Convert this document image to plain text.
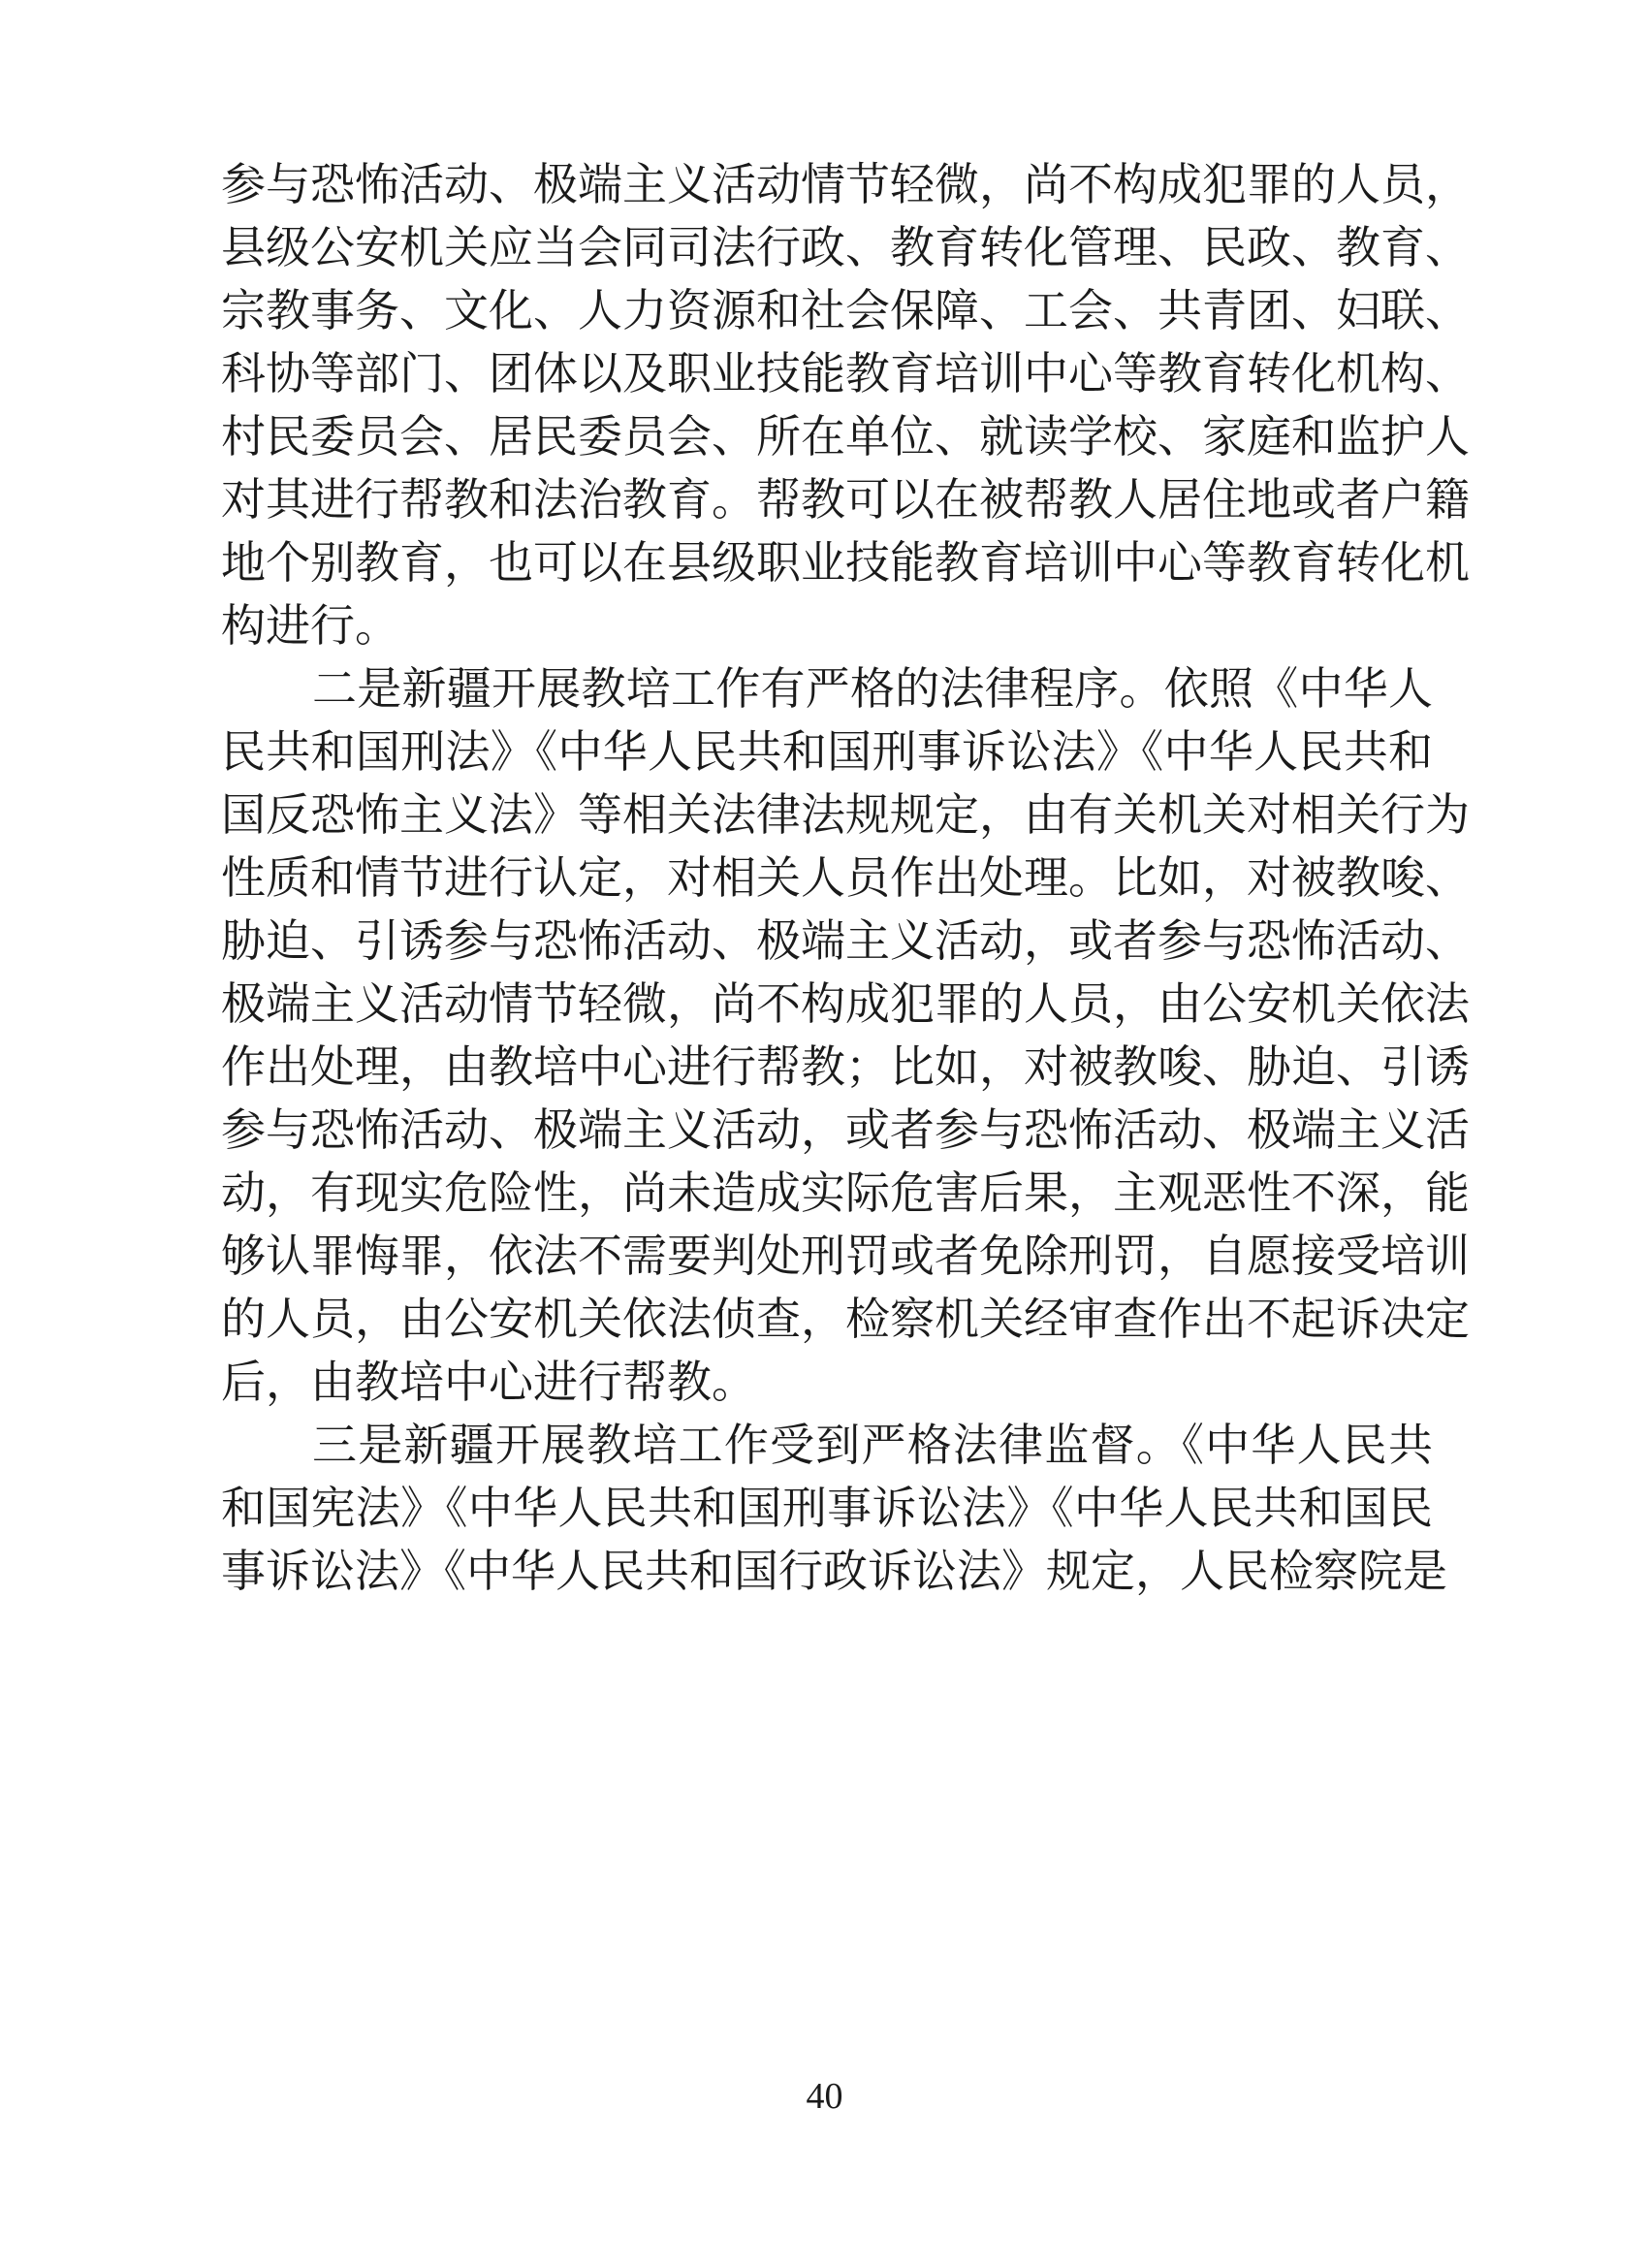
参与恐怖活动、极端主义活动情节轻微，尚不构成犯罪的人员，
县级公安机关应当会同司法行政、教育转化管理、民政、教育、
宗教事务、文化、人力资源和社会保障、工会、共青团、妇联、
科协等部门、团体以及职业技能教育培训中心等教育转化机构、
村民委员会、居民委员会、所在单位、就读学校、家庭和监护人
对其进行帮教和法治教育。帮教可以在被帮教人居住地或者户籍
地个别教育，也可以在县级职业技能教育培训中心等教育转化机
构进行。
二是新疆开展教培工作有严格的法律程序。依照《中华人
民共和国刑法》《中华人民共和国刑事诉讼法》《中华人民共和
国反恐怖主义法》等相关法律法规规定，由有关机关对相关行为
性质和情节进行认定，对相关人员作出处理。比如，对被教唆、
胁迫、引诱参与恐怖活动、极端主义活动，或者参与恐怖活动、
极端主义活动情节轻微，尚不构成犯罪的人员，由公安机关依法
作出处理，由教培中心进行帮教；比如，对被教唆、胁迫、引诱
参与恐怖活动、极端主义活动，或者参与恐怖活动、极端主义活
动，有现实危险性，尚未造成实际危害后果，主观恶性不深，能
够认罪悔罪，依法不需要判处刑罚或者免除刑罚，自愿接受培训
的人员，由公安机关依法侦查，检察机关经审查作出不起诉决定
后，由教培中心进行帮教。
三是新疆开展教培工作受到严格法律监督。《中华人民共
和国宪法》《中华人民共和国刑事诉讼法》《中华人民共和国民
事诉讼法》《中华人民共和国行政诉讼法》规定，人民检察院是
40
